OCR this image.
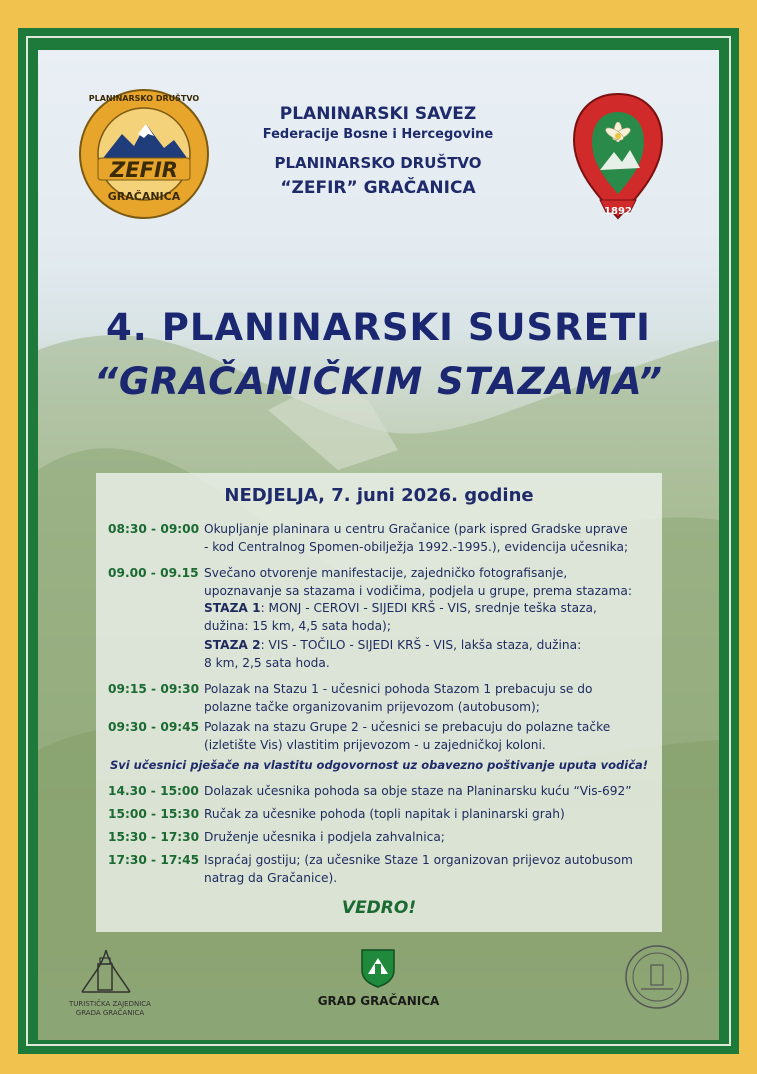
ZEFIR
GRAČANICA
PLANINARSKO DRUŠTVO
PLANINARSKI SAVEZ
Federacije Bosne i Hercegovine
PLANINARSKO DRUŠTVO
“ZEFIR” GRAČANICA
1892
4. PLANINARSKI SUSRETI
“GRAČANIČKIM STAZAMA”
NEDJELJA, 7. juni 2026. godine
08:30 - 09:00 Okupljanje planinara u centru Gračanice (park ispred Gradske uprave

- kod Centralnog Spomen-obilježja 1992.-1995.), evidencija učesnika;

09.00 - 09.15 Svečano otvorenje manifestacije, zajedničko fotografisanje,

upoznavanje sa stazama i vodičima, podjela u grupe, prema stazama:

STAZA 1: MONJ - CEROVI - SIJEDI KRŠ - VIS, srednje teška staza,

dužina: 15 km, 4,5 sata hoda);

STAZA 2: VIS - TOČILO - SIJEDI KRŠ - VIS, lakša staza, dužina:

8 km, 2,5 sata hoda.

09:15 - 09:30 Polazak na Stazu 1 - učesnici pohoda Stazom 1 prebacuju se do

polazne tačke organizovanim prijevozom (autobusom);

09:30 - 09:45 Polazak na stazu Grupe 2 - učesnici se prebacuju do polazne tačke

(izletište Vis) vlastitim prijevozom - u zajedničkoj koloni.

Svi učesnici pješače na vlastitu odgovornost uz obavezno poštivanje uputa vodiča!
14.30 - 15:00 Dolazak učesnika pohoda sa obje staze na Planinarsku kuću “Vis-692”

15:00 - 15:30 Ručak za učesnike pohoda (topli napitak i planinarski grah)

15:30 - 17:30 Druženje učesnika i podjela zahvalnica;

17:30 - 17:45 Ispraćaj gostiju; (za učesnike Staze 1 organizovan prijevoz autobusom

natrag da Gračanice).

VEDRO!
TURISTIČKA ZAJEDNICA
GRADA GRAČANICA
GRAD GRAČANICA
